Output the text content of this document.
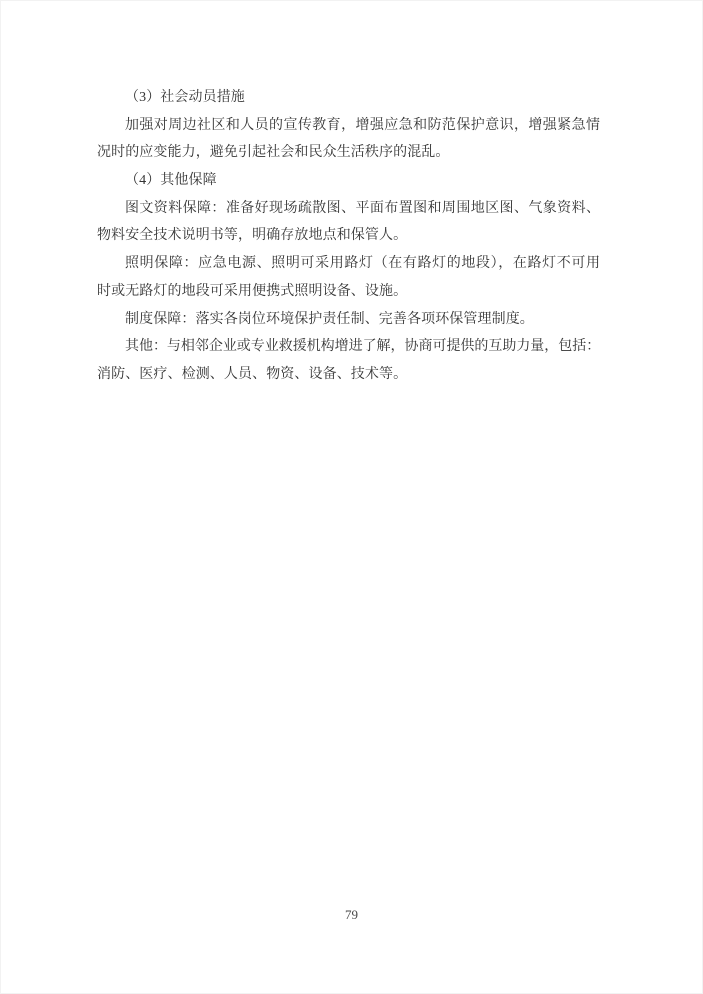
（3）社会动员措施
加强对周边社区和人员的宣传教育，增强应急和防范保护意识，增强紧急情
况时的应变能力，避免引起社会和民众生活秩序的混乱。
（4）其他保障
图文资料保障：准备好现场疏散图、平面布置图和周围地区图、气象资料、
物料安全技术说明书等，明确存放地点和保管人。
照明保障：应急电源、照明可采用路灯（在有路灯的地段），在路灯不可用
时或无路灯的地段可采用便携式照明设备、设施。
制度保障：落实各岗位环境保护责任制、完善各项环保管理制度。
其他：与相邻企业或专业救援机构增进了解，协商可提供的互助力量，包括：
消防、医疗、检测、人员、物资、设备、技术等。
79
